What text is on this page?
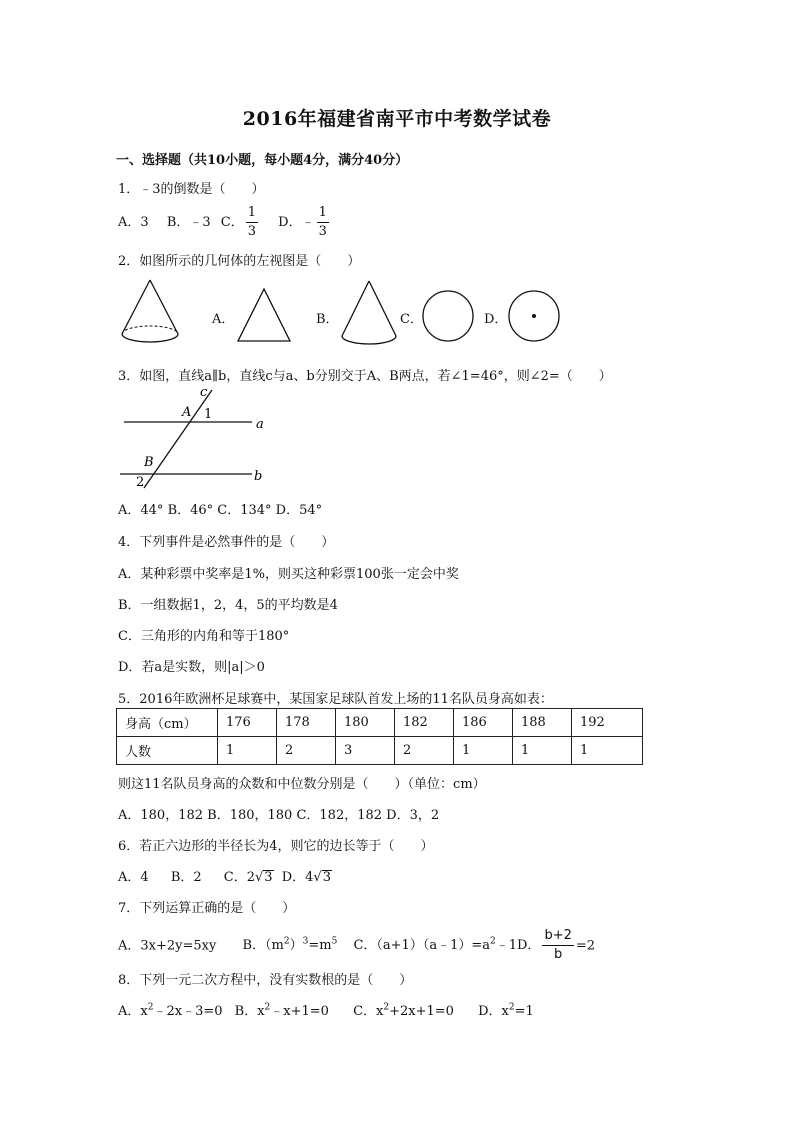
2016年福建省南平市中考数学试卷
一、选择题（共10小题，每小题4分，满分40分）
1．﹣3的倒数是（　　）
A．3 B．﹣3 C． $\frac{1}{3}$ D．﹣ $\frac{1}{3}$
2．如图所示的几何体的左视图是（　　）
A．	B．	C．	D．
3．如图，直线a∥b，直线c与a、b分别交于A、B两点，若∠1=46°，则∠2=（　　）
c
A 1
a
B
2	b
A．44° B．46° C．134° D．54°
4．下列事件是必然事件的是（　　）
A．某种彩票中奖率是1%，则买这种彩票100张一定会中奖
B．一组数据1，2，4，5的平均数是4
C．三角形的内角和等于180°
D．若a是实数，则|a|＞0
5．2016年欧洲杯足球赛中，某国家足球队首发上场的11名队员身高如表：
身高（cm）	176	178	180	182	186	188	192
人数	1	2	3	2	1	1	1
则这11名队员身高的众数和中位数分别是（　　）（单位：cm）
A．180，182 B．180，180 C．182，182 D．3，2
6．若正六边形的半径长为4，则它的边长等于（　　）
A．4 B．2 C．2√3 D．4√3
7．下列运算正确的是（　　）
A．3x+2y=5xy B．$(m^2)^3=m^5$ C．$(a+1)(a﹣1)=a^2﹣1D$． $\frac{b+2}{b} =2$
8．下列一元二次方程中，没有实数根的是（　　）
A．$x^2﹣2x﹣3=0$ B．$x^2﹣x+1=0$ C．$x^2+2x+1=0$ D．$x^2=1$
